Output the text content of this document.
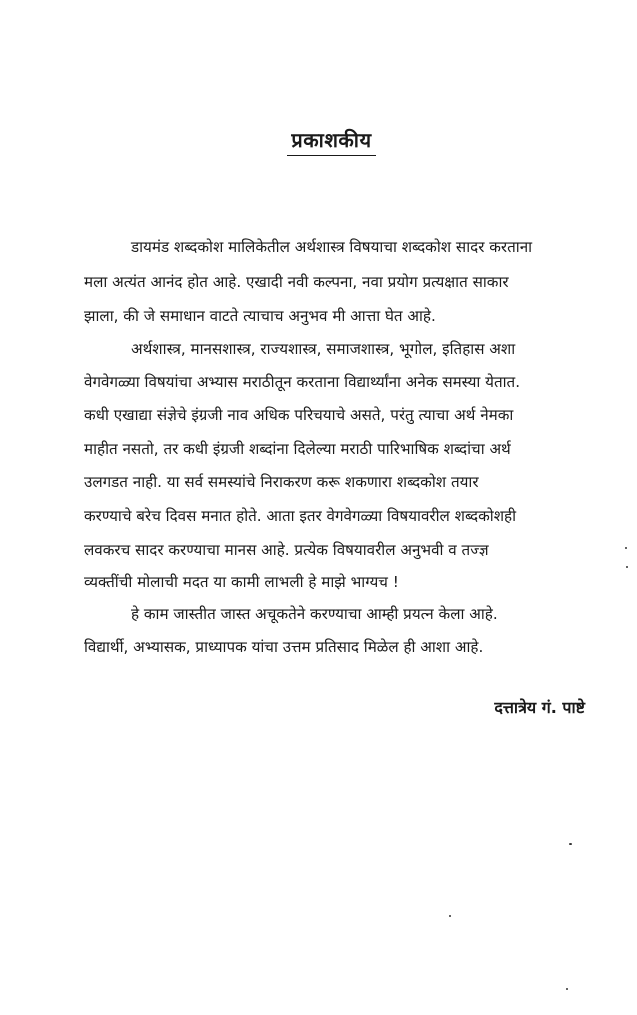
प्रकाशकीय
डायमंड शब्दकोश मालिकेतील अर्थशास्त्र विषयाचा शब्दकोश सादर करताना
मला अत्यंत आनंद होत आहे. एखादी नवी कल्पना, नवा प्रयोग प्रत्यक्षात साकार
झाला, की जे समाधान वाटते त्याचाच अनुभव मी आत्ता घेत आहे.
अर्थशास्त्र, मानसशास्त्र, राज्यशास्त्र, समाजशास्त्र, भूगोल, इतिहास अशा
वेगवेगळ्या विषयांचा अभ्यास मराठीतून करताना विद्यार्थ्यांना अनेक समस्या येतात.
कधी एखाद्या संज्ञेचे इंग्रजी नाव अधिक परिचयाचे असते, परंतु त्याचा अर्थ नेमका
माहीत नसतो, तर कधी इंग्रजी शब्दांना दिलेल्या मराठी पारिभाषिक शब्दांचा अर्थ
उलगडत नाही. या सर्व समस्यांचे निराकरण करू शकणारा शब्दकोश तयार
करण्याचे बरेच दिवस मनात होते. आता इतर वेगवेगळ्या विषयावरील शब्दकोशही
लवकरच सादर करण्याचा मानस आहे. प्रत्येक विषयावरील अनुभवी व तज्ज्ञ
व्यक्तींची मोलाची मदत या कामी लाभली हे माझे भाग्यच !
हे काम जास्तीत जास्त अचूकतेने करण्याचा आम्ही प्रयत्न केला आहे.
विद्यार्थी, अभ्यासक, प्राध्यापक यांचा उत्तम प्रतिसाद मिळेल ही आशा आहे.
दत्तात्रेय गं. पाष्टे
